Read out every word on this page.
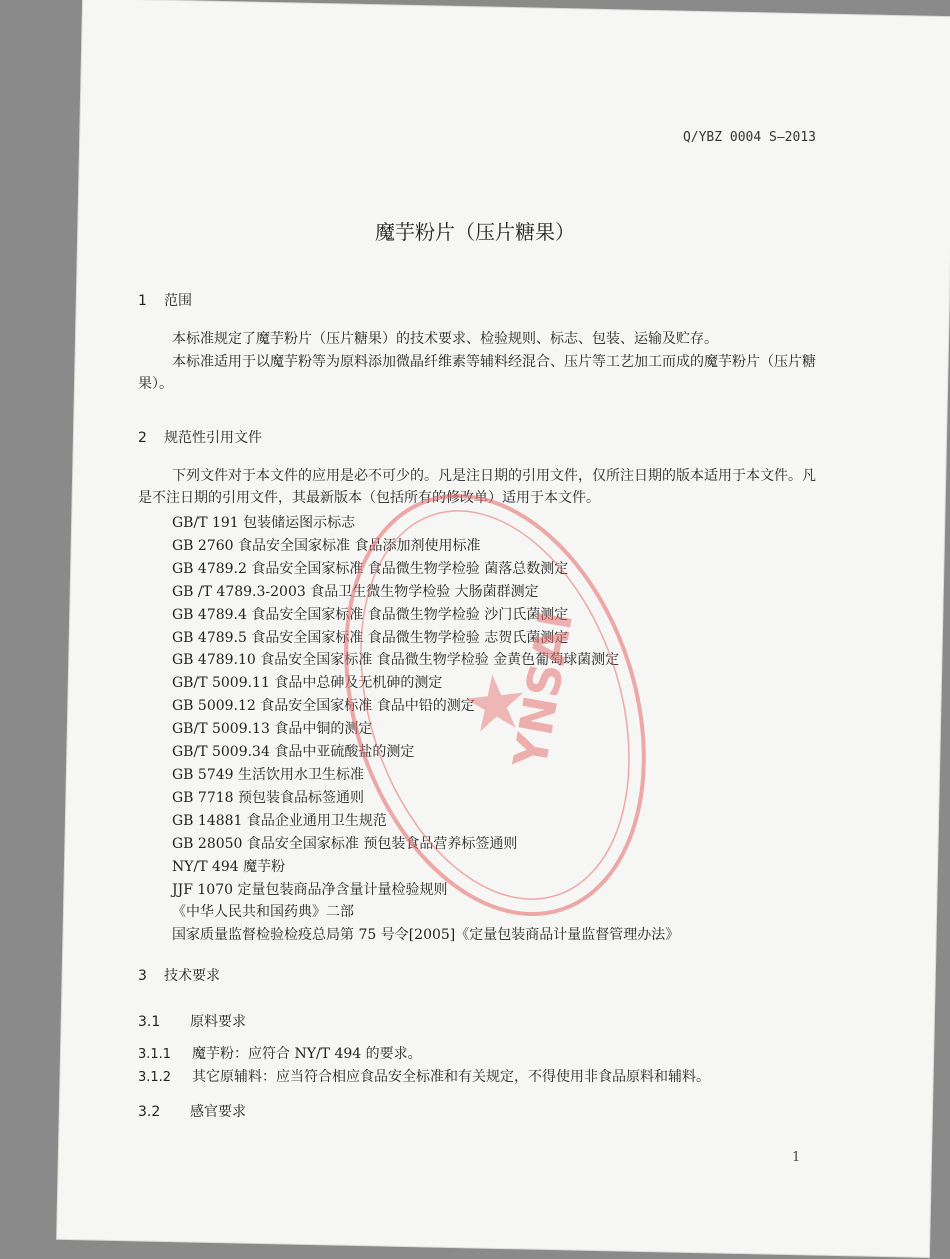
Q/YBZ 0004 S—2013
魔芋粉片（压片糖果）
1 范围
本标准规定了魔芋粉片（压片糖果）的技术要求、检验规则、标志、包装、运输及贮存。
本标准适用于以魔芋粉等为原料添加微晶纤维素等辅料经混合、压片等工艺加工而成的魔芋粉片（压片糖果）。
2 规范性引用文件
下列文件对于本文件的应用是必不可少的。凡是注日期的引用文件，仅所注日期的版本适用于本文件。凡是不注日期的引用文件，其最新版本（包括所有的修改单）适用于本文件。
GB/T 191 包装储运图示标志
GB 2760 食品安全国家标准 食品添加剂使用标准
GB 4789.2 食品安全国家标准 食品微生物学检验 菌落总数测定
GB /T 4789.3-2003 食品卫生微生物学检验 大肠菌群测定
GB 4789.4 食品安全国家标准 食品微生物学检验 沙门氏菌测定
GB 4789.5 食品安全国家标准 食品微生物学检验 志贺氏菌测定
GB 4789.10 食品安全国家标准 食品微生物学检验 金黄色葡萄球菌测定
GB/T 5009.11 食品中总砷及无机砷的测定
GB 5009.12 食品安全国家标准 食品中铅的测定
GB/T 5009.13 食品中铜的测定
GB/T 5009.34 食品中亚硫酸盐的测定
GB 5749 生活饮用水卫生标准
GB 7718 预包装食品标签通则
GB 14881 食品企业通用卫生规范
GB 28050 食品安全国家标准 预包装食品营养标签通则
NY/T 494 魔芋粉
JJF 1070 定量包装商品净含量计量检验规则
《中华人民共和国药典》二部
国家质量监督检验检疫总局第 75 号令[2005]《定量包装商品计量监督管理办法》
3 技术要求
3.1 原料要求
3.1.1 魔芋粉：应符合 NY/T 494 的要求。
3.1.2 其它原辅料：应当符合相应食品安全标准和有关规定，不得使用非食品原料和辅料。
3.2 感官要求
1
YNSAI
